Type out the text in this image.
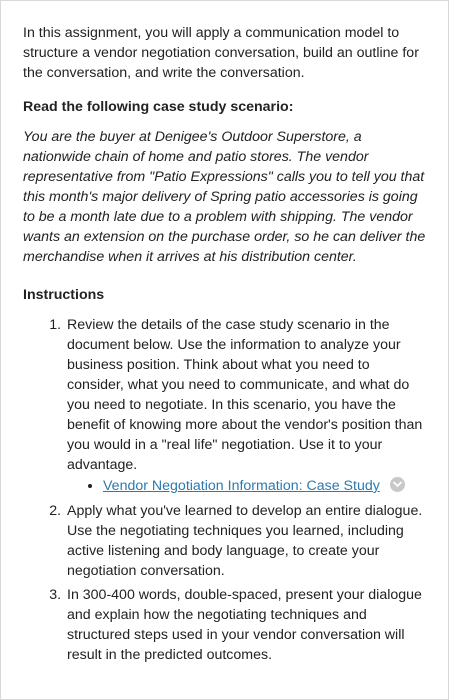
In this assignment, you will apply a communication model to structure a vendor negotiation conversation, build an outline for the conversation, and write the conversation.

Read the following case study scenario:

You are the buyer at Denigee's Outdoor Superstore, a nationwide chain of home and patio stores. The vendor representative from "Patio Expressions" calls you to tell you that this month's major delivery of Spring patio accessories is going to be a month late due to a problem with shipping. The vendor wants an extension on the purchase order, so he can deliver the merchandise when it arrives at his distribution center.

Instructions

1. Review the details of the case study scenario in the document below. Use the information to analyze your business position. Think about what you need to consider, what you need to communicate, and what do you need to negotiate. In this scenario, you have the benefit of knowing more about the vendor's position than you would in a "real life" negotiation. Use it to your advantage.
• Vendor Negotiation Information: Case Study
2. Apply what you've learned to develop an entire dialogue. Use the negotiating techniques you learned, including active listening and body language, to create your negotiation conversation.
3. In 300-400 words, double-spaced, present your dialogue and explain how the negotiating techniques and structured steps used in your vendor conversation will result in the predicted outcomes.
